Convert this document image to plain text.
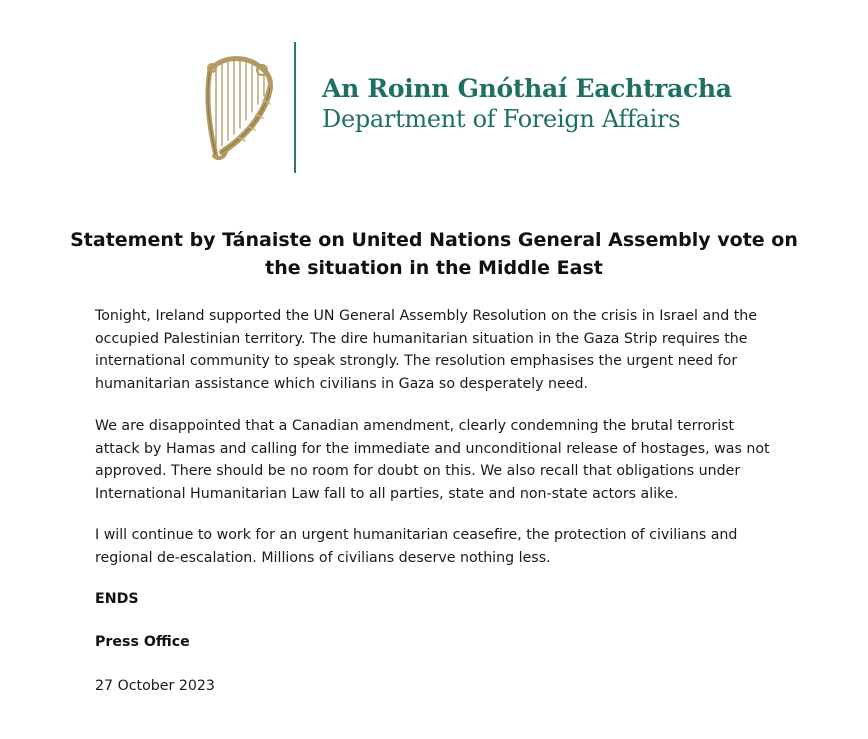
An Roinn Gnóthaí Eachtracha
Department of Foreign Affairs
Statement by Tánaiste on United Nations General Assembly vote on the situation in the Middle East
Tonight, Ireland supported the UN General Assembly Resolution on the crisis in Israel and the occupied Palestinian territory. The dire humanitarian situation in the Gaza Strip requires the international community to speak strongly. The resolution emphasises the urgent need for humanitarian assistance which civilians in Gaza so desperately need.
We are disappointed that a Canadian amendment, clearly condemning the brutal terrorist attack by Hamas and calling for the immediate and unconditional release of hostages, was not approved. There should be no room for doubt on this. We also recall that obligations under International Humanitarian Law fall to all parties, state and non-state actors alike.
I will continue to work for an urgent humanitarian ceasefire, the protection of civilians and regional de-escalation. Millions of civilians deserve nothing less.
ENDS
Press Office
27 October 2023
